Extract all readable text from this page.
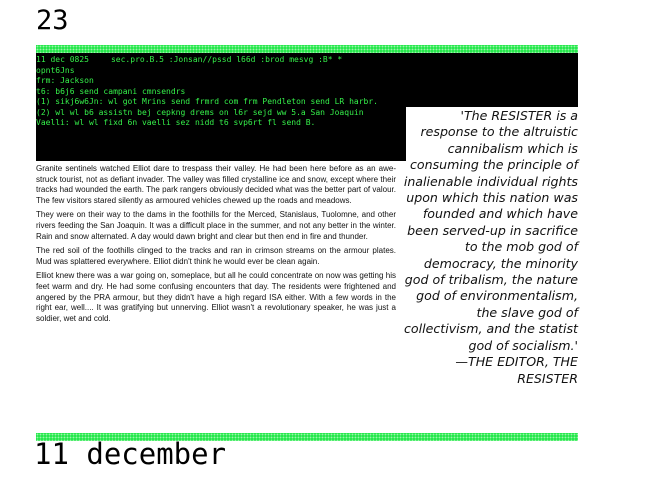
23
11 dec 0825	sec.pro.B.5 :Jonsan//pssd l66d :brod mesvg :B* *
opnt6Jns
frm: Jackson
t6: b6j6 send campani cmnsendrs
(1) sikj6w6Jn: wl got Mrins send frmrd com frm Pendleton send LR harbr.
(2) wl wl b6 assistn bej cepkng drems on l6r sejd ww 5.a San Joaquin
Vaelli: wl wl fixd 6n vaelli sez nidd t6 svp6rt fl send B.

Granite sentinels watched Elliot dare to trespass their valley. He had been here before as an awe-struck tourist, not as defiant invader. The valley was filled crystalline ice and snow, except where their tracks had wounded the earth. The park rangers obviously decided what was the better part of valour. The few visitors stared silently as armoured vehicles chewed up the roads and meadows.

They were on their way to the dams in the foothills for the Merced, Stanislaus, Tuolomne, and other rivers feeding the San Joaquin. It was a difficult place in the summer, and not any better in the winter. Rain and snow alternated. A day would dawn bright and clear but then end in fire and thunder.

The red soil of the foothills clinged to the tracks and ran in crimson streams on the armour plates. Mud was splattered everywhere. Elliot didn't think he would ever be clean again.

Elliot knew there was a war going on, someplace, but all he could concentrate on now was getting his feet warm and dry. He had some confusing encounters that day. The residents were frightened and angered by the PRA armour, but they didn't have a high regard ISA either. With a few words in the right ear, well.... It was gratifying but unnerving. Elliot wasn't a revolutionary speaker, he was just a soldier, wet and cold.

'The RESISTER is a response to the altruistic cannibalism which is consuming the principle of inalienable individual rights upon which this nation was founded and which have been served-up in sacrifice to the mob god of democracy, the minority god of tribalism, the nature god of environmentalism, the slave god of collectivism, and the statist god of socialism.'
—THE EDITOR, THE RESISTER
11 december
